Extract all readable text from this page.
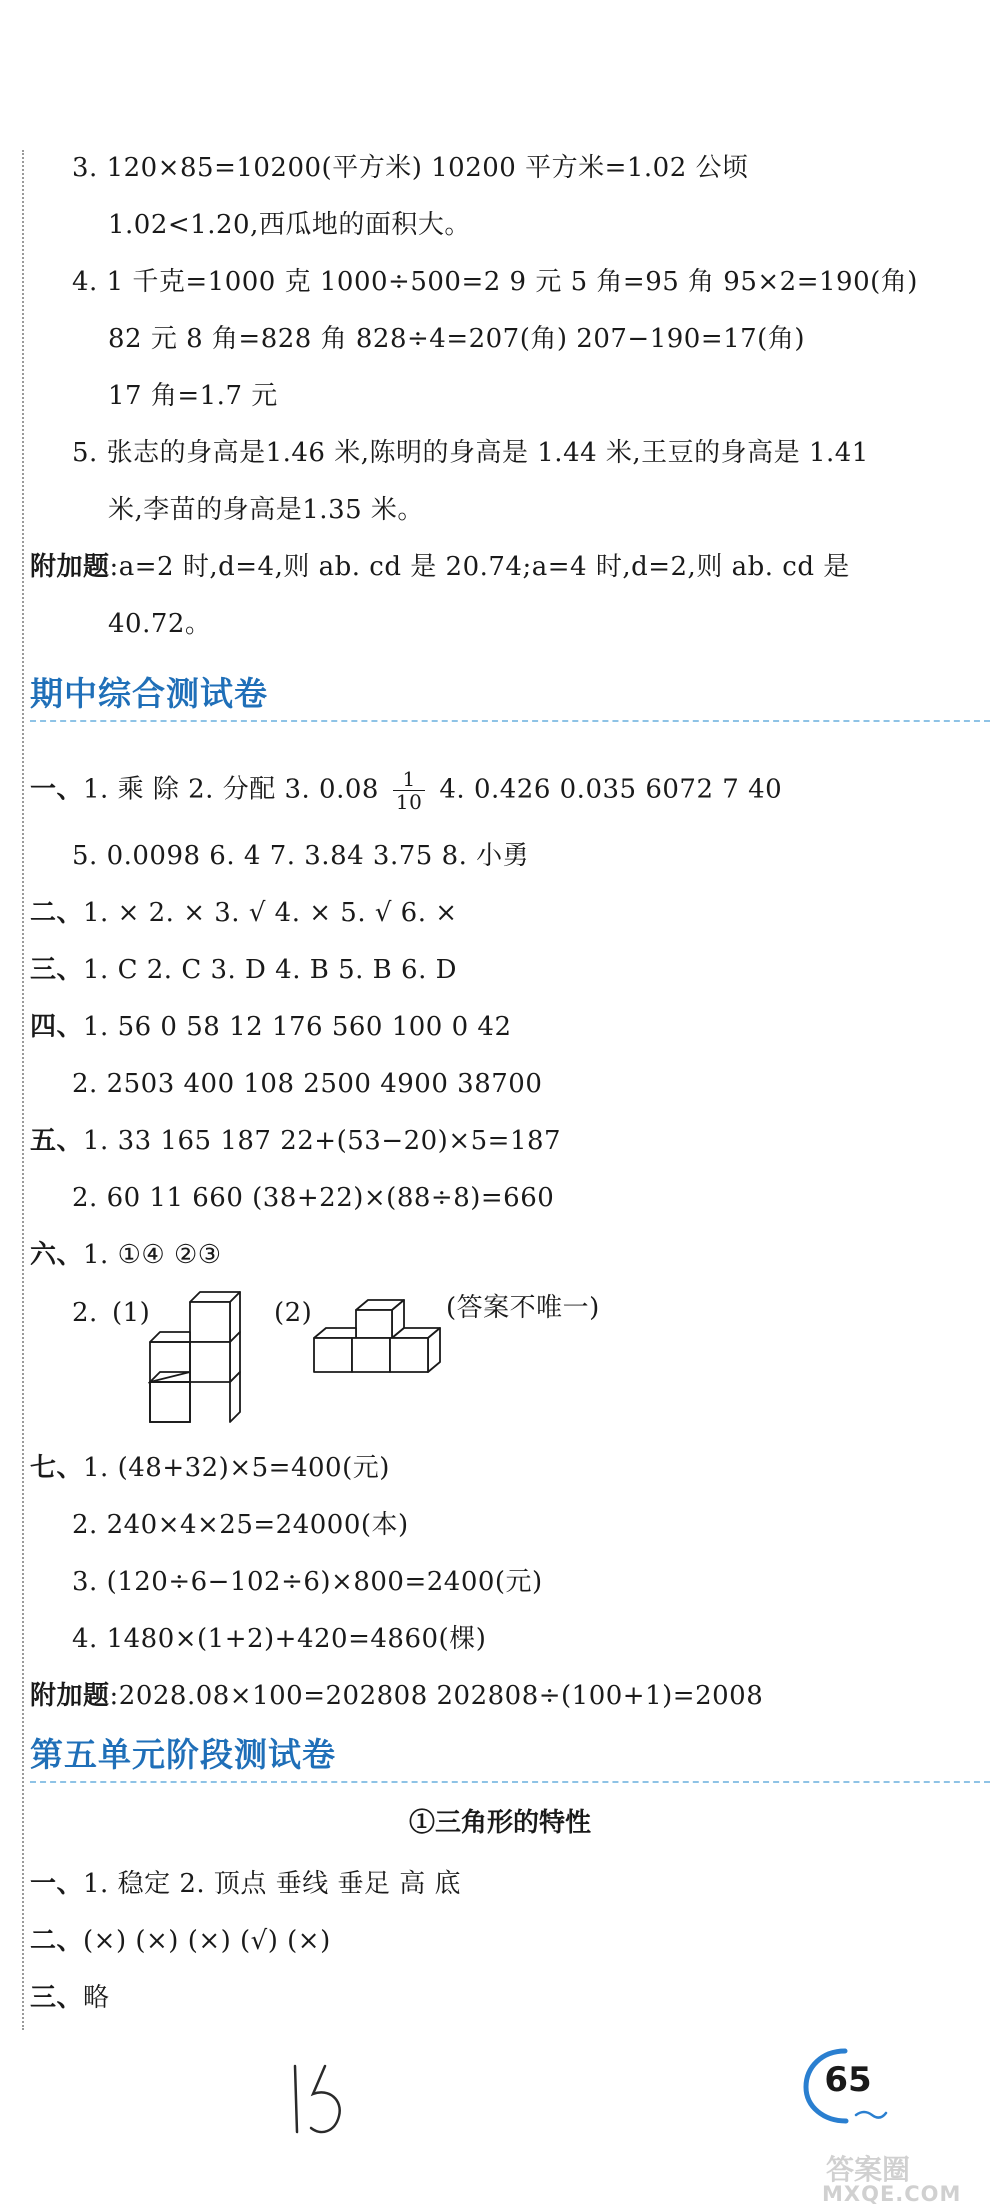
3. 120×85=10200(平方米) 10200 平方米=1.02 公顷
1.02<1.20,西瓜地的面积大。
4. 1 千克=1000 克 1000÷500=2 9 元 5 角=95 角 95×2=190(角)
82 元 8 角=828 角 828÷4=207(角) 207−190=17(角)
17 角=1.7 元
5. 张志的身高是1.46 米,陈明的身高是 1.44 米,王豆的身高是 1.41
米,李苗的身高是1.35 米。
附加题:a=2 时,d=4,则 ab. cd 是 20.74;a=4 时,d=2,则 ab. cd 是
40.72。
期中综合测试卷
一、1. 乘 除 2. 分配 3. $0.08 \frac{1}{10} 4$. 0.426 0.035 6072 7 40
5. 0.0098 6. 4 7. 3.84 3.75 8. 小勇
二、1. × 2. × 3. √ 4. × 5. √ 6. ×
三、1. C 2. C 3. D 4. B 5. B 6. D
四、1. 56 0 58 12 176 560 100 0 42
2. 2503 400 108 2500 4900 38700
五、1. 33 165 187 22+(53−20)×5=187
2. 60 11 660 (38+22)×(88÷8)=660
六、1. ①④ ②③
2. (1)	(2)	(答案不唯一)
七、1. (48+32)×5=400(元)
2. 240×4×25=24000(本)
3. (120÷6−102÷6)×800=2400(元)
4. 1480×(1+2)+420=4860(棵)
附加题:2028.08×100=202808 202808÷(100+1)=2008
第五单元阶段测试卷
①三角形的特性
一、1. 稳定 2. 顶点 垂线 垂足 高 底
二、(×) (×) (×) (√) (×)
三、略
65
答案圈
MXQE.COM
